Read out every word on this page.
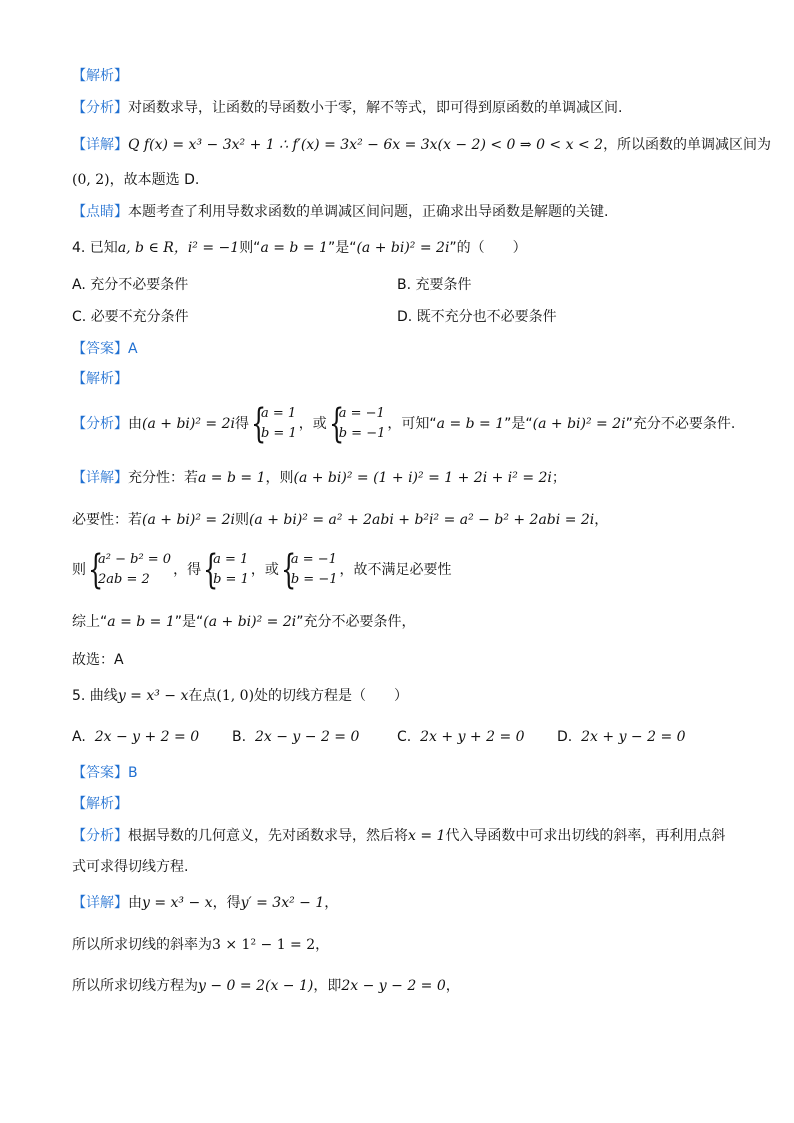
【解析】
【分析】对函数求导，让函数的导函数小于零，解不等式，即可得到原函数的单调减区间.
【详解】Q f(x) = x³ − 3x² + 1 ∴ f′(x) = 3x² − 6x = 3x(x − 2) < 0 ⇒ 0 < x < 2，所以函数的单调减区间为
(0, 2)，故本题选 D.
【点睛】本题考查了利用导数求函数的单调减区间问题，正确求出导函数是解题的关键.
4. 已知a, b ∈ R，i² = −1则“a = b = 1”是“(a + bi)² = 2i”的（　　）
A. 充分不必要条件	B. 充要条件
C. 必要不充分条件	D. 既不充分也不必要条件
【答案】A
【解析】
【分析】由(a + bi)² = 2i得 {
a = 1
b = 1
，或 {
a = −1
b = −1
，可知“a = b = 1”是“(a + bi)² = 2i”充分不必要条件.
【详解】充分性：若a = b = 1，则(a + bi)² = (1 + i)² = 1 + 2i + i² = 2i；
必要性：若(a + bi)² = 2i则(a + bi)² = a² + 2abi + b²i² = a² − b² + 2abi = 2i，
则 {
a² − b² = 0
2ab = 2
，得 {
a = 1
b = 1
，或 {
a = −1
b = −1
，故不满足必要性
综上“a = b = 1”是“(a + bi)² = 2i”充分不必要条件，
故选：A
5. 曲线y = x³ − x在点(1, 0)处的切线方程是（　　）
A. 2x − y + 2 = 0 B. 2x − y − 2 = 0	C. 2x + y + 2 = 0 D. 2x + y − 2 = 0
【答案】B
【解析】
【分析】根据导数的几何意义，先对函数求导，然后将x = 1代入导函数中可求出切线的斜率，再利用点斜
式可求得切线方程.
【详解】由y = x³ − x，得y′ = 3x² − 1，
所以所求切线的斜率为3 × 1² − 1 = 2，
所以所求切线方程为y − 0 = 2(x − 1)，即2x − y − 2 = 0，
